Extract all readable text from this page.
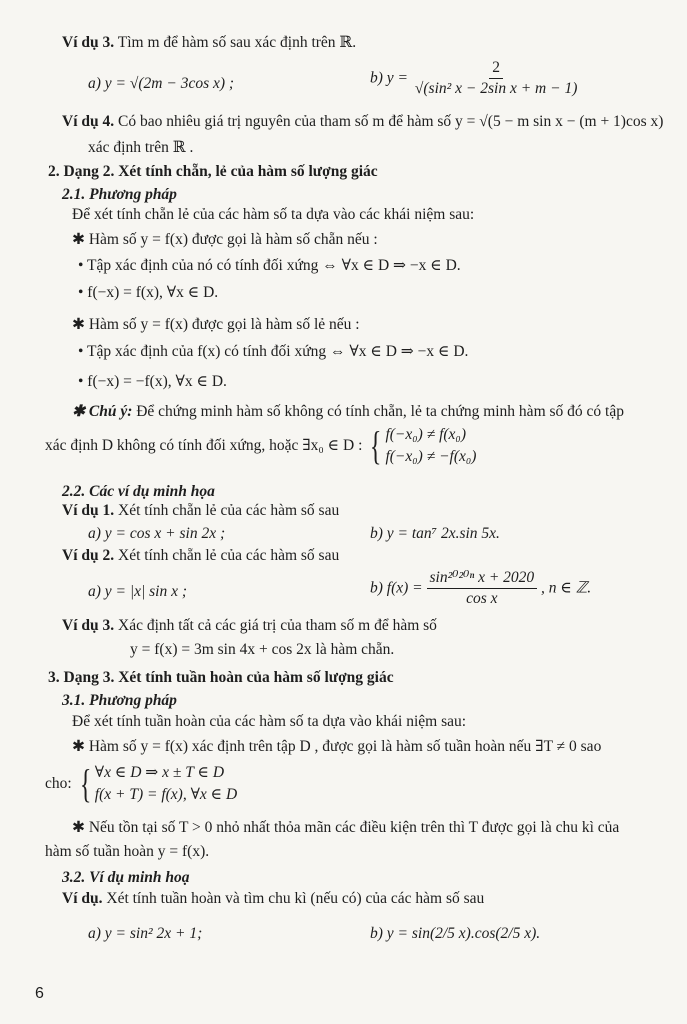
Ví dụ 3. Tìm m để hàm số sau xác định trên ℝ.
a) y = √(2m − 3cos x) ;	b) $y = \frac{2}{\text{√(sin² x − 2sin x + m − 1)}}$
Ví dụ 4. Có bao nhiêu giá trị nguyên của tham số m để hàm số y = √(5 − m sin x − (m + 1)cos x)
xác định trên ℝ .
2. Dạng 2. Xét tính chẵn, lẻ của hàm số lượng giác
2.1. Phương pháp
Để xét tính chẵn lẻ của các hàm số ta dựa vào các khái niệm sau:
✱ Hàm số y = f(x) được gọi là hàm số chẵn nếu :
• Tập xác định của nó có tính đối xứng ⇔ ∀x ∈ D ⇒ −x ∈ D.
• f(−x) = f(x), ∀x ∈ D.
✱ Hàm số y = f(x) được gọi là hàm số lẻ nếu :
• Tập xác định của f(x) có tính đối xứng ⇔ ∀x ∈ D ⇒ −x ∈ D.
• f(−x) = −f(x), ∀x ∈ D.
✱ Chú ý: Để chứng minh hàm số không có tính chẵn, lẻ ta chứng minh hàm số đó có tập
xác định D không có tính đối xứng, hoặc ∃x₀ ∈ D : { f(−x₀) ≠ f(x₀)
f(−x₀) ≠ −f(x₀)
2.2. Các ví dụ minh họa
Ví dụ 1. Xét tính chẵn lẻ của các hàm số sau
a) y = cos x + sin 2x ;	b) y = tan⁷ 2x.sin 5x.
Ví dụ 2. Xét tính chẵn lẻ của các hàm số sau
a) y = |x| sin x ;	b) $f(x) = \frac{\text{sin²⁰²⁰ⁿ x + 2020}}{\text{cos x}}$ , n ∈ ℤ.
Ví dụ 3. Xác định tất cả các giá trị của tham số m để hàm số
y = f(x) = 3m sin 4x + cos 2x là hàm chẵn.
3. Dạng 3. Xét tính tuần hoàn của hàm số lượng giác
3.1. Phương pháp
Để xét tính tuần hoàn của các hàm số ta dựa vào khái niệm sau:
✱ Hàm số y = f(x) xác định trên tập D , được gọi là hàm số tuần hoàn nếu ∃T ≠ 0 sao
cho: { ∀x ∈ D ⇒ x ± T ∈ D
f(x + T) = f(x), ∀x ∈ D
✱ Nếu tồn tại số T > 0 nhỏ nhất thỏa mãn các điều kiện trên thì T được gọi là chu kì của
hàm số tuần hoàn y = f(x).
3.2. Ví dụ minh hoạ
Ví dụ. Xét tính tuần hoàn và tìm chu kì (nếu có) của các hàm số sau
a) y = sin² 2x + 1;	b) y = sin(2/5 x).cos(2/5 x).
6
